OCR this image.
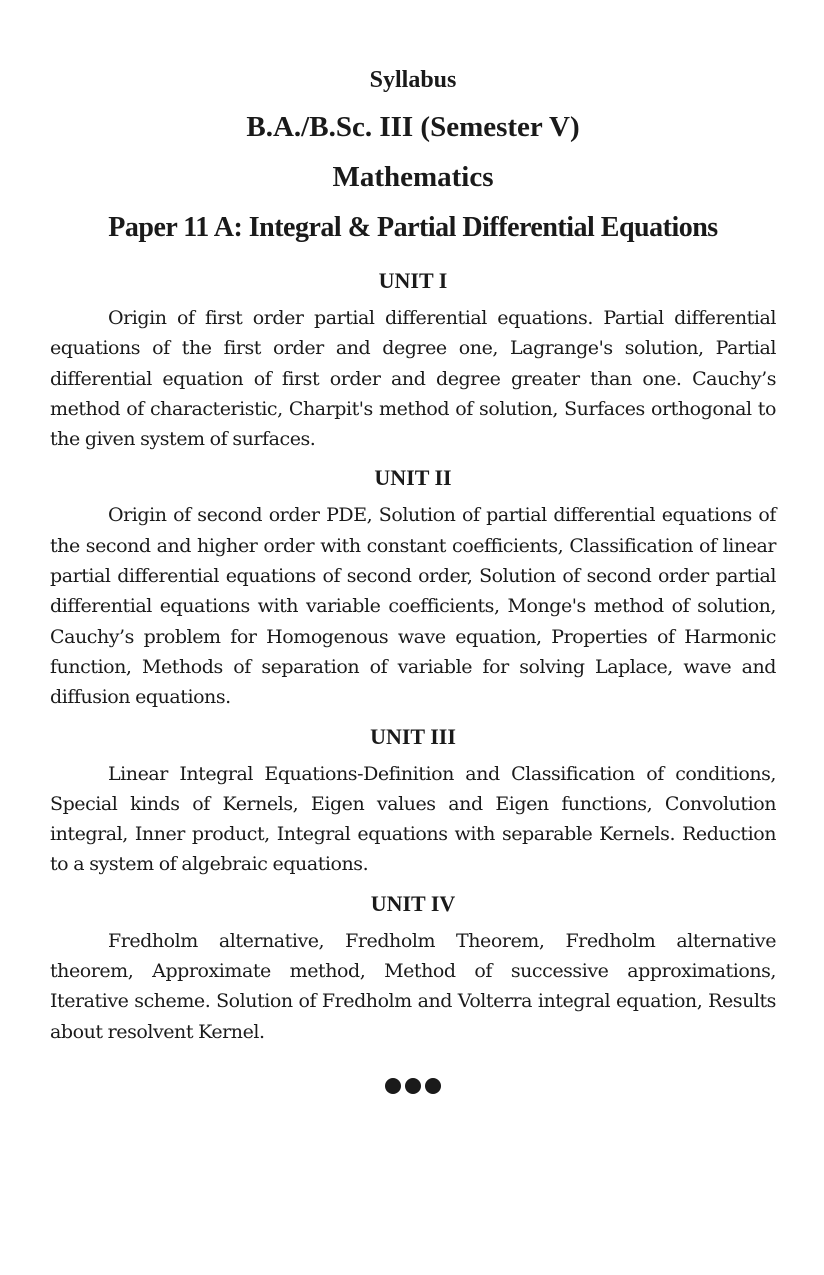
Syllabus
B.A./B.Sc. III (Semester V)
Mathematics
Paper 11 A: Integral & Partial Differential Equations
UNIT I

Origin of first order partial differential equations. Partial differential equations of the first order and degree one, Lagrange's solution, Partial differential equation of first order and degree greater than one. Cauchy’s method of characteristic, Charpit's method of solution, Surfaces orthogonal to the given system of surfaces.

UNIT II

Origin of second order PDE, Solution of partial differential equations of the second and higher order with constant coefficients, Classification of linear partial differential equations of second order, Solution of second order partial differential equations with variable coefficients, Monge's method of solution, Cauchy’s problem for Homogenous wave equation, Properties of Harmonic function, Methods of separation of variable for solving Laplace, wave and diffusion equations.

UNIT III

Linear Integral Equations-Definition and Classification of conditions, Special kinds of Kernels, Eigen values and Eigen functions, Convolution integral, Inner product, Integral equations with separable Kernels. Reduction to a system of algebraic equations.

UNIT IV

Fredholm alternative, Fredholm Theorem, Fredholm alternative theorem, Approximate method, Method of successive approximations, Iterative scheme. Solution of Fredholm and Volterra integral equation, Results about resolvent Kernel.
